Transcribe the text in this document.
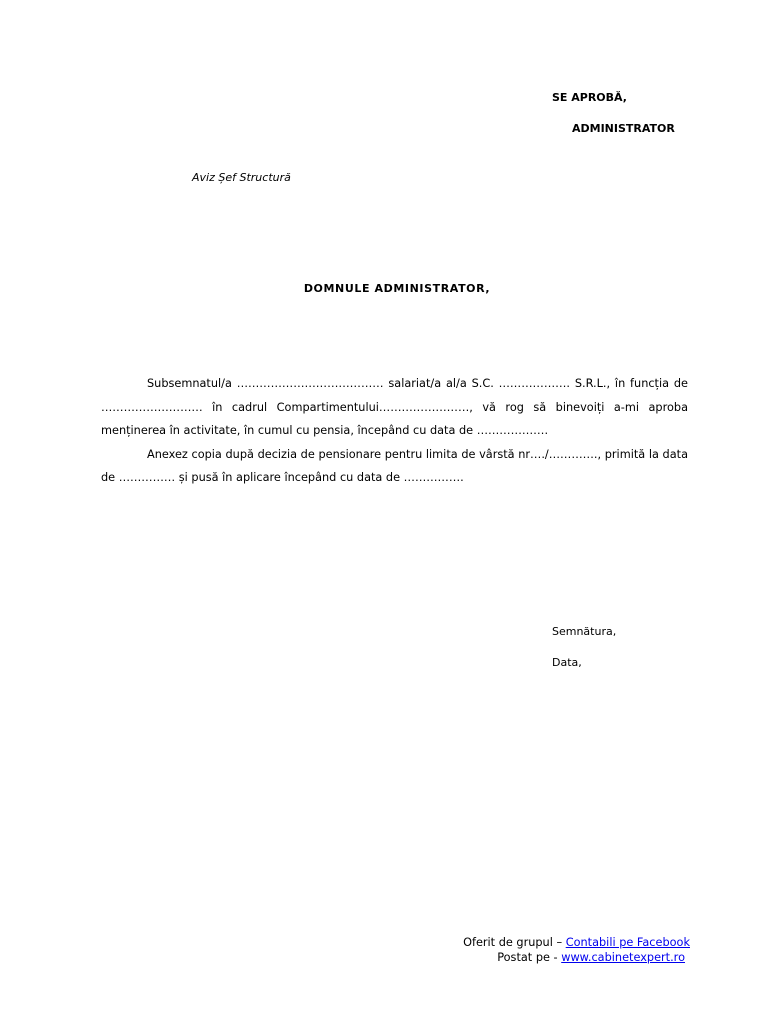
SE APROBĂ,
ADMINISTRATOR
Aviz Șef Structură
DOMNULE ADMINISTRATOR,

Subsemnatul/a ………………………………… salariat/a al/a S.C. ………………. S.R.L., în funcția de ……………………… în cadrul Compartimentului……………………, vă rog să binevoiți a-mi aproba menținerea în activitate, în cumul cu pensia, începând cu data de ……………….

Anexez copia după decizia de pensionare pentru limita de vârstă nr…./…………., primită la data de …………… și pusă în aplicare începând cu data de …………….

Semnătura,
Data,
Oferit de grupul – Contabili pe Facebook
Postat pe - www.cabinetexpert.ro
